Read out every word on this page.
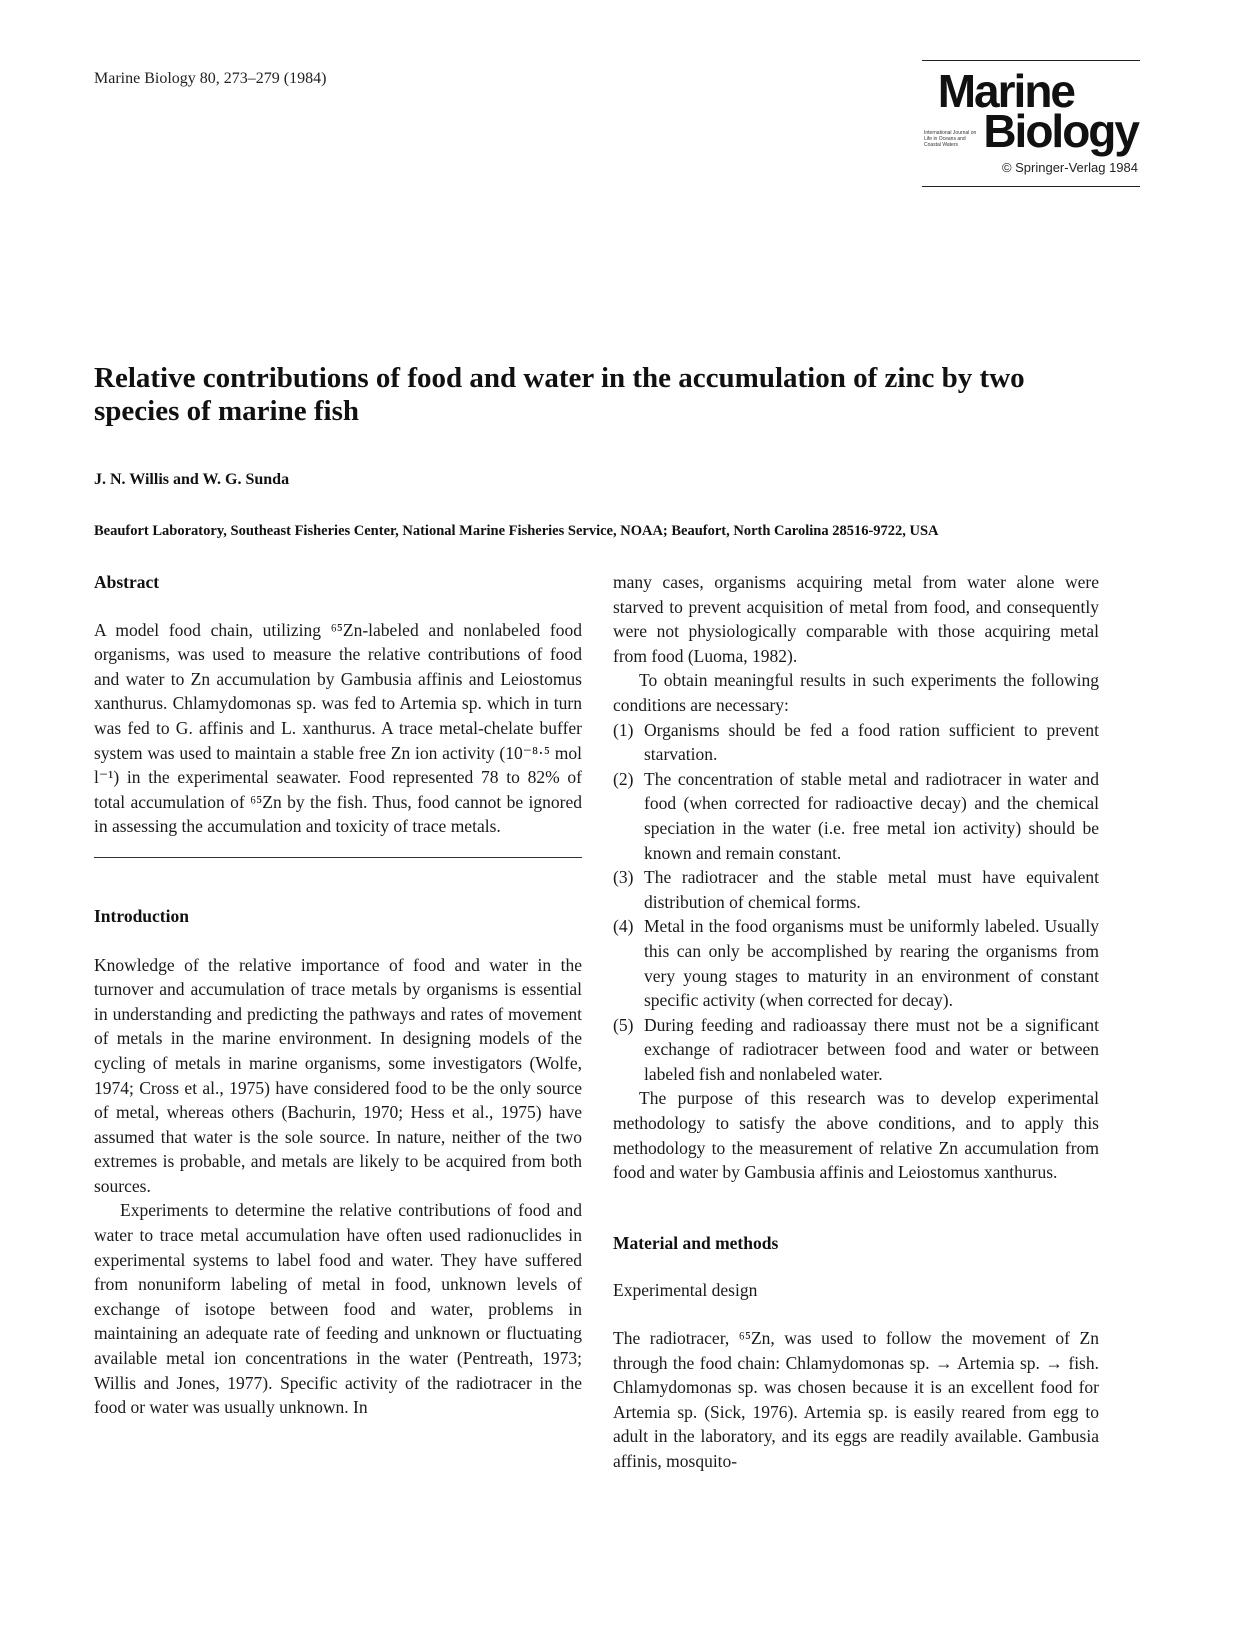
Marine Biology 80, 273–279 (1984)	Marine
International Journal on Life in Oceans and Coastal Waters Biology
© Springer-Verlag 1984
Relative contributions of food and water in the accumulation of zinc by two species of marine fish
J. N. Willis and W. G. Sunda
Beaufort Laboratory, Southeast Fisheries Center, National Marine Fisheries Service, NOAA; Beaufort, North Carolina 28516-9722, USA
Abstract

A model food chain, utilizing ⁶⁵Zn-labeled and nonlabeled food organisms, was used to measure the relative contributions of food and water to Zn accumulation by Gambusia affinis and Leiostomus xanthurus. Chlamydomonas sp. was fed to Artemia sp. which in turn was fed to G. affinis and L. xanthurus. A trace metal-chelate buffer system was used to maintain a stable free Zn ion activity (10⁻⁸·⁵ mol l⁻¹) in the experimental seawater. Food represented 78 to 82% of total accumulation of ⁶⁵Zn by the fish. Thus, food cannot be ignored in assessing the accumulation and toxicity of trace metals.

Introduction

Knowledge of the relative importance of food and water in the turnover and accumulation of trace metals by organisms is essential in understanding and predicting the pathways and rates of movement of metals in the marine environment. In designing models of the cycling of metals in marine organisms, some investigators (Wolfe, 1974; Cross et al., 1975) have considered food to be the only source of metal, whereas others (Bachurin, 1970; Hess et al., 1975) have assumed that water is the sole source. In nature, neither of the two extremes is probable, and metals are likely to be acquired from both sources.

Experiments to determine the relative contributions of food and water to trace metal accumulation have often used radionuclides in experimental systems to label food and water. They have suffered from nonuniform labeling of metal in food, unknown levels of exchange of isotope between food and water, problems in maintaining an adequate rate of feeding and unknown or fluctuating available metal ion concentrations in the water (Pentreath, 1973; Willis and Jones, 1977). Specific activity of the radiotracer in the food or water was usually unknown. In

many cases, organisms acquiring metal from water alone were starved to prevent acquisition of metal from food, and consequently were not physiologically comparable with those acquiring metal from food (Luoma, 1982).

To obtain meaningful results in such experiments the following conditions are necessary:

(1) Organisms should be fed a food ration sufficient to prevent starvation.
(2) The concentration of stable metal and radiotracer in water and food (when corrected for radioactive decay) and the chemical speciation in the water (i.e. free metal ion activity) should be known and remain constant.
(3) The radiotracer and the stable metal must have equivalent distribution of chemical forms.
(4) Metal in the food organisms must be uniformly labeled. Usually this can only be accomplished by rearing the organisms from very young stages to maturity in an environment of constant specific activity (when corrected for decay).
(5) During feeding and radioassay there must not be a significant exchange of radiotracer between food and water or between labeled fish and nonlabeled water.

The purpose of this research was to develop experimental methodology to satisfy the above conditions, and to apply this methodology to the measurement of relative Zn accumulation from food and water by Gambusia affinis and Leiostomus xanthurus.

Material and methods
Experimental design

The radiotracer, ⁶⁵Zn, was used to follow the movement of Zn through the food chain: Chlamydomonas sp. → Artemia sp. → fish. Chlamydomonas sp. was chosen because it is an excellent food for Artemia sp. (Sick, 1976). Artemia sp. is easily reared from egg to adult in the laboratory, and its eggs are readily available. Gambusia affinis, mosquito-
